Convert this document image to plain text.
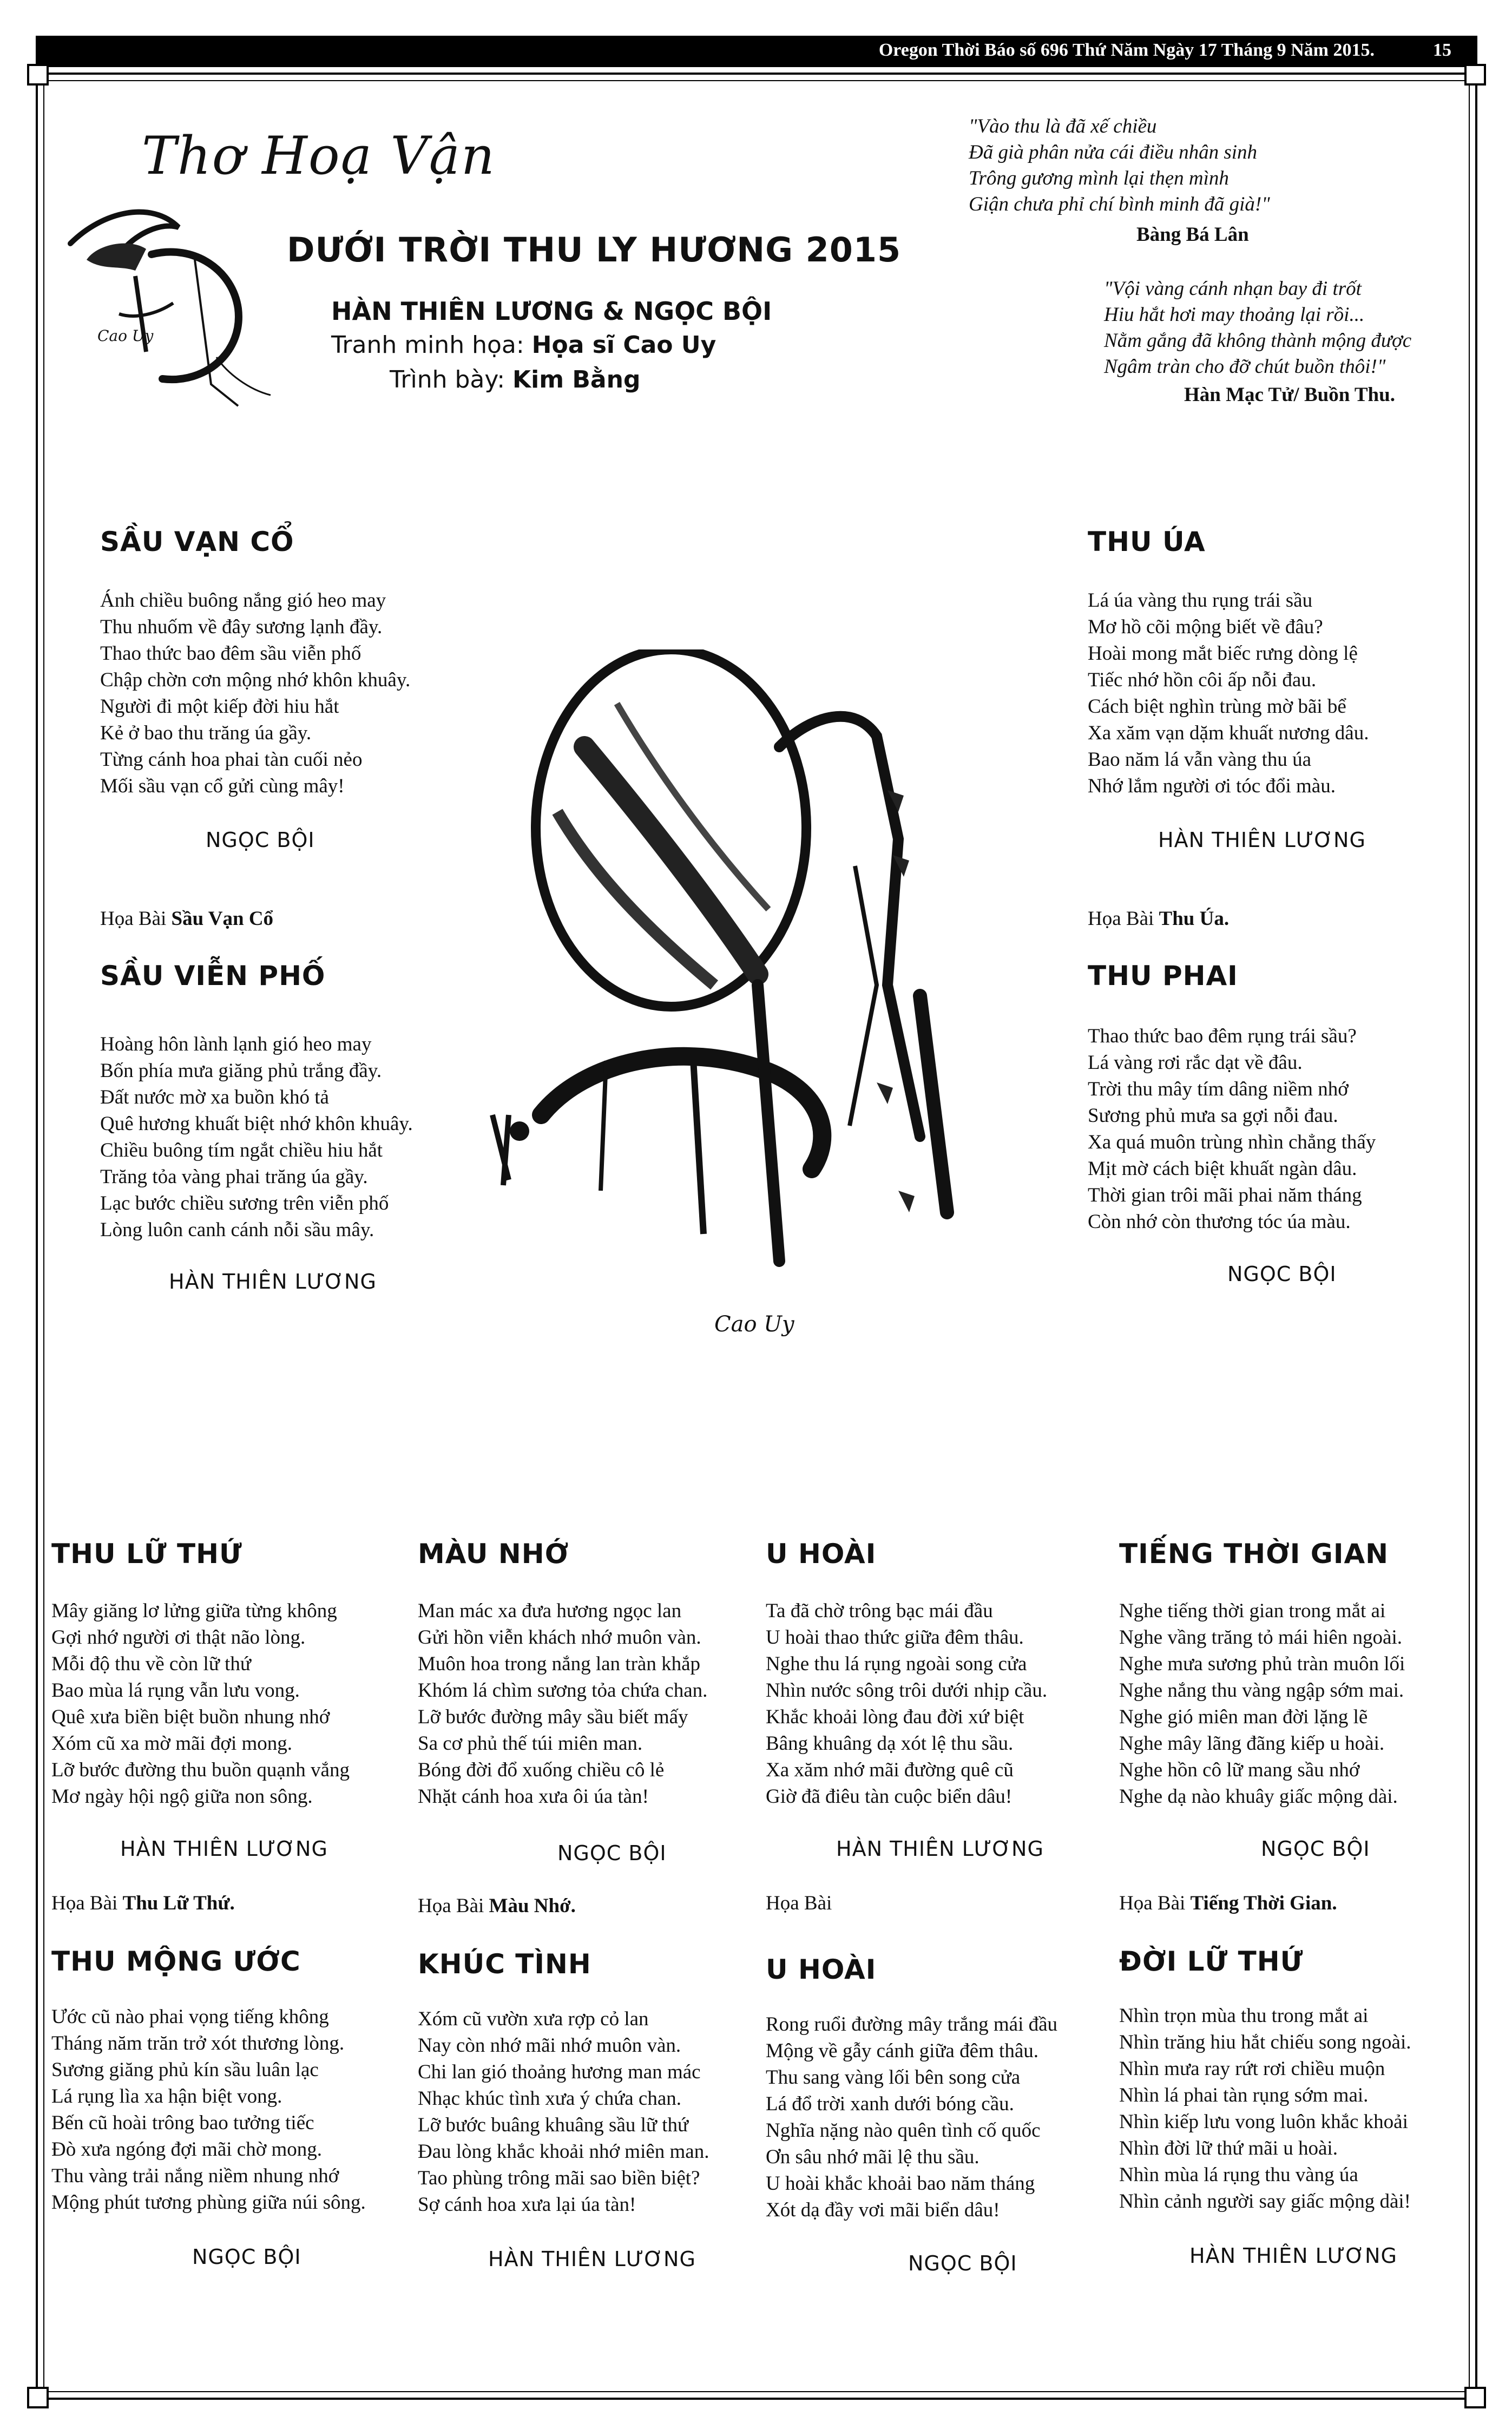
Oregon Thời Báo số 696 Thứ Năm Ngày 17 Tháng 9 Năm 2015.	15
Thơ Hoạ Vận
Cao Uy
DƯỚI TRỜI THU LY HƯƠNG 2015
HÀN THIÊN LƯƠNG & NGỌC BỘI
Tranh minh họa: Họa sĩ Cao Uy
Trình bày: Kim Bằng
"Vào thu là đã xế chiều
Đã già phân nửa cái điều nhân sinh
Trông gương mình lại thẹn mình
Giận chưa phỉ chí bình minh đã già!"
Bàng Bá Lân
"Vội vàng cánh nhạn bay đi trốt
Hiu hắt hơi may thoảng lại rồi...
Nằm gắng đã không thành mộng được
Ngâm tràn cho đỡ chút buồn thôi!"
Hàn Mạc Tử/ Buồn Thu.
Cao Uy
SẦU VẠN CỔ
Ánh chiều buông nắng gió heo may
Thu nhuốm về đây sương lạnh đầy.
Thao thức bao đêm sầu viễn phố
Chập chờn cơn mộng nhớ khôn khuây.
Người đi một kiếp đời hiu hắt
Kẻ ở bao thu trăng úa gầy.
Từng cánh hoa phai tàn cuối nẻo
Mối sầu vạn cổ gửi cùng mây!
NGỌC BỘI
THU ÚA
Lá úa vàng thu rụng trái sầu
Mơ hồ cõi mộng biết về đâu?
Hoài mong mắt biếc rưng dòng lệ
Tiếc nhớ hồn côi ấp nỗi đau.
Cách biệt nghìn trùng mờ bãi bể
Xa xăm vạn dặm khuất nương dâu.
Bao năm lá vẫn vàng thu úa
Nhớ lắm người ơi tóc đổi màu.
HÀN THIÊN LƯƠNG
Họa Bài Sầu Vạn Cổ
SẦU VIỄN PHỐ
Hoàng hôn lành lạnh gió heo may
Bốn phía mưa giăng phủ trắng đầy.
Đất nước mờ xa buồn khó tả
Quê hương khuất biệt nhớ khôn khuây.
Chiều buông tím ngắt chiều hiu hắt
Trăng tỏa vàng phai trăng úa gầy.
Lạc bước chiều sương trên viễn phố
Lòng luôn canh cánh nỗi sầu mây.
HÀN THIÊN LƯƠNG
Họa Bài Thu Úa.
THU PHAI
Thao thức bao đêm rụng trái sầu?
Lá vàng rơi rắc dạt về đâu.
Trời thu mây tím dâng niềm nhớ
Sương phủ mưa sa gợi nỗi đau.
Xa quá muôn trùng nhìn chẳng thấy
Mịt mờ cách biệt khuất ngàn dâu.
Thời gian trôi mãi phai năm tháng
Còn nhớ còn thương tóc úa màu.
NGỌC BỘI
THU LỮ THỨ
Mây giăng lơ lửng giữa từng không
Gợi nhớ người ơi thật não lòng.
Mỗi độ thu về còn lữ thứ
Bao mùa lá rụng vẫn lưu vong.
Quê xưa biền biệt buồn nhung nhớ
Xóm cũ xa mờ mãi đợi mong.
Lỡ bước đường thu buồn quạnh vắng
Mơ ngày hội ngộ giữa non sông.
HÀN THIÊN LƯƠNG
MÀU NHỚ
Man mác xa đưa hương ngọc lan
Gửi hồn viễn khách nhớ muôn vàn.
Muôn hoa trong nắng lan tràn khắp
Khóm lá chìm sương tỏa chứa chan.
Lỡ bước đường mây sầu biết mấy
Sa cơ phủ thế túi miên man.
Bóng đời đổ xuống chiều cô lẻ
Nhặt cánh hoa xưa ôi úa tàn!
NGỌC BỘI
U HOÀI
Ta đã chờ trông bạc mái đầu
U hoài thao thức giữa đêm thâu.
Nghe thu lá rụng ngoài song cửa
Nhìn nước sông trôi dưới nhịp cầu.
Khắc khoải lòng đau đời xứ biệt
Bâng khuâng dạ xót lệ thu sầu.
Xa xăm nhớ mãi đường quê cũ
Giờ đã điêu tàn cuộc biển dâu!
HÀN THIÊN LƯƠNG
TIẾNG THỜI GIAN
Nghe tiếng thời gian trong mắt ai
Nghe vầng trăng tỏ mái hiên ngoài.
Nghe mưa sương phủ tràn muôn lối
Nghe nắng thu vàng ngập sớm mai.
Nghe gió miên man đời lặng lẽ
Nghe mây lãng đãng kiếp u hoài.
Nghe hồn cô lữ mang sầu nhớ
Nghe dạ nào khuây giấc mộng dài.
NGỌC BỘI
Họa Bài Thu Lữ Thứ.
THU MỘNG ƯỚC
Ước cũ nào phai vọng tiếng không
Tháng năm trăn trở xót thương lòng.
Sương giăng phủ kín sầu luân lạc
Lá rụng lìa xa hận biệt vong.
Bến cũ hoài trông bao tưởng tiếc
Đò xưa ngóng đợi mãi chờ mong.
Thu vàng trải nắng niềm nhung nhớ
Mộng phút tương phùng giữa núi sông.
NGỌC BỘI
Họa Bài Màu Nhớ.
KHÚC TÌNH
Xóm cũ vườn xưa rợp cỏ lan
Nay còn nhớ mãi nhớ muôn vàn.
Chi lan gió thoảng hương man mác
Nhạc khúc tình xưa ý chứa chan.
Lỡ bước buâng khuâng sầu lữ thứ
Đau lòng khắc khoải nhớ miên man.
Tao phùng trông mãi sao biền biệt?
Sợ cánh hoa xưa lại úa tàn!
HÀN THIÊN LƯƠNG
Họa Bài
U HOÀI
Rong ruổi đường mây trắng mái đầu
Mộng về gẫy cánh giữa đêm thâu.
Thu sang vàng lối bên song cửa
Lá đổ trời xanh dưới bóng cầu.
Nghĩa nặng nào quên tình cố quốc
Ơn sâu nhớ mãi lệ thu sầu.
U hoài khắc khoải bao năm tháng
Xót dạ đầy vơi mãi biển dâu!
NGỌC BỘI
Họa Bài Tiếng Thời Gian.
ĐỜI LỮ THỨ
Nhìn trọn mùa thu trong mắt ai
Nhìn trăng hiu hắt chiếu song ngoài.
Nhìn mưa ray rứt rơi chiều muộn
Nhìn lá phai tàn rụng sớm mai.
Nhìn kiếp lưu vong luôn khắc khoải
Nhìn đời lữ thứ mãi u hoài.
Nhìn mùa lá rụng thu vàng úa
Nhìn cảnh người say giấc mộng dài!
HÀN THIÊN LƯƠNG
